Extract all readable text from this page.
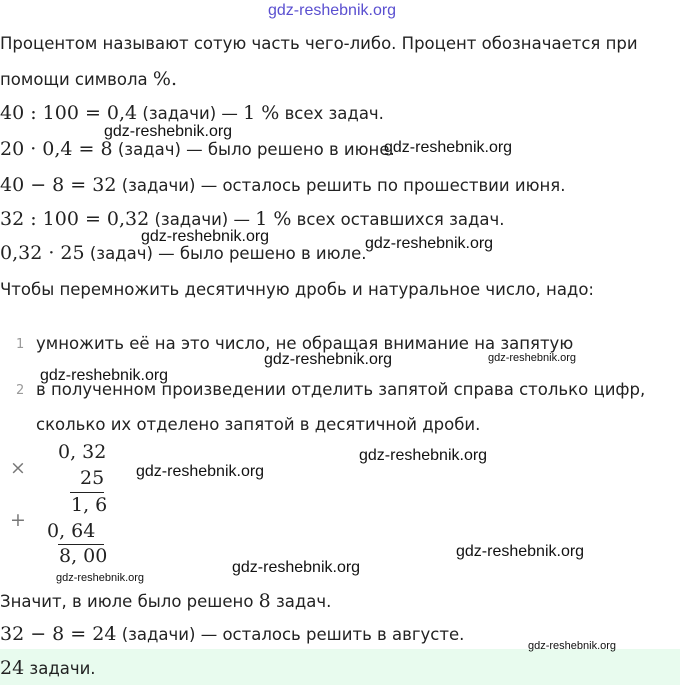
gdz-reshebnik.org
Процентом называют сотую часть чего-либо. Процент обозначается при
помощи символа %.
40 : 100 = 0,4 (задачи) — 1 % всех задач.
20 · 0,4 = 8 (задач) — было решено в июне.
40 − 8 = 32 (задачи) — осталось решить по прошествии июня.
32 : 100 = 0,32 (задачи) — 1 % всех оставшихся задач.
0,32 · 25 (задач) — было решено в июле.
Чтобы перемножить десятичную дробь и натуральное число, надо:
1 умножить её на это число, не обращая внимание на запятую
2 в полученном произведении отделить запятой справа столько цифр,
сколько их отделено запятой в десятичной дроби.
×
0, 32
25
1, 6
+ 0, 64
8, 00
Значит, в июле было решено 8 задач.
32 − 8 = 24 (задачи) — осталось решить в августе.
24 задачи.
gdz-reshebnik.org
gdz-reshebnik.org
gdz-reshebnik.org	gdz-reshebnik.org
gdz-reshebnik.org	gdz-reshebnik.org
gdz-reshebnik.org
gdz-reshebnik.org
gdz-reshebnik.org
gdz-reshebnik.org
gdz-reshebnik.org
gdz-reshebnik.org
gdz-reshebnik.org
